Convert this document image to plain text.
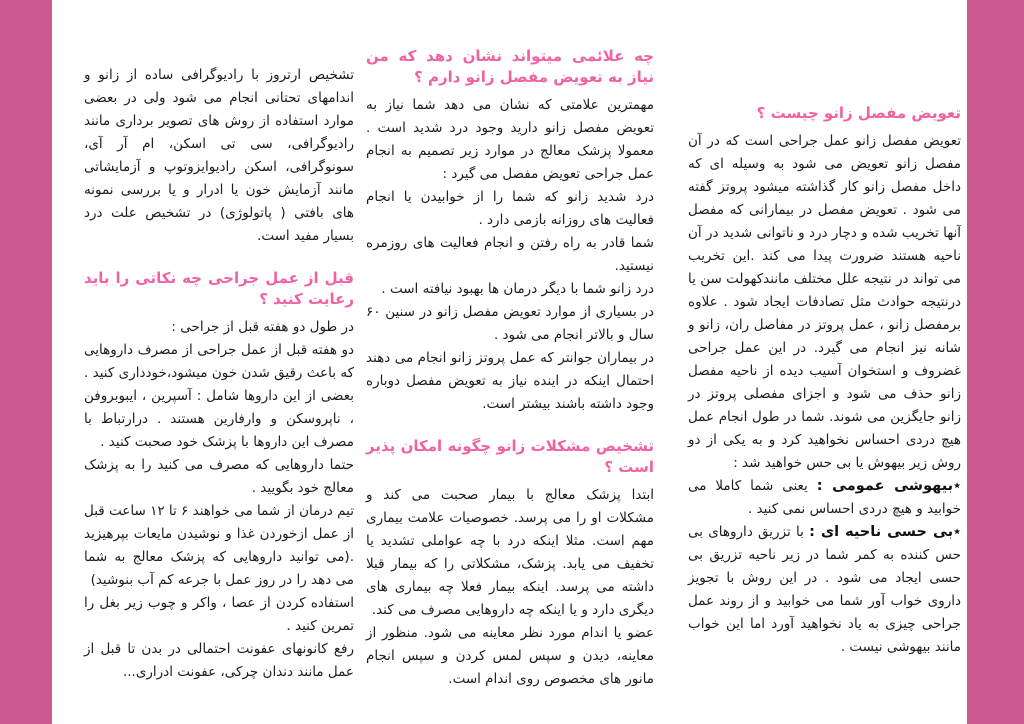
تعویض مفصل زانو چیست ؟

تعویض مفصل زانو عمل جراحی است که در آن مفصل زانو تعویض می شود به وسیله ای که داخل مفصل زانو کار گذاشته میشود پروتز گفته می شود . تعویض مفصل در بیمارانی که مفصل آنها تخریب شده و دچار درد و ناتوانی شدید در آن ناحیه هستند ضرورت پیدا می کند .این تخریب می تواند در نتیجه علل مختلف مانندکهولت سن یا درنتیجه حوادث مثل تصادفات ایجاد شود . علاوه برمفصل زانو ، عمل پروتز در مفاصل ران، زانو و شانه نیز انجام می گیرد. در این عمل جراحی غضروف و استخوان آسیب دیده از ناحیه مفصل زانو حذف می شود و اجزای مفصلی پروتز در زانو جایگزین می شوند. شما در طول انجام عمل هیچ دردی احساس نخواهید کرد و به یکی از دو روش زیر بیهوش یا بی حس خواهید شد :

٭بیهوشی عمومی : یعنی شما کاملا می خوابید و هیچ دردی احساس نمی کنید .

٭بی حسی ناحیه ای : با تزریق داروهای بی حس کننده به کمر شما در زیر ناحیه تزریق بی حسی ایجاد می شود . در این روش با تجویز داروی خواب آور شما می خوابید و از روند عمل جراحی چیزی به یاد نخواهید آورد اما این خواب مانند بیهوشی نیست .

چه علائمی میتواند نشان دهد که من نیاز به تعویض مفصل زانو دارم ؟

مهمترین علامتی که نشان می دهد شما نیاز به تعویض مفصل زانو دارید وجود درد شدید است . معمولا پزشک معالج در موارد زیر تصمیم به انجام عمل جراحی تعویض مفصل می گیرد :

درد شدید زانو که شما را از خوابیدن یا انجام فعالیت های روزانه بازمی دارد .

شما قادر به راه رفتن و انجام فعالیت های روزمره نیستید.

درد زانو شما با دیگر درمان ها بهبود نیافته است .

در بسیاری از موارد تعویض مفصل زانو در سنین ۶۰ سال و بالاتر انجام می شود .

در بیماران جوانتر که عمل پروتز زانو انجام می دهند احتمال اینکه در اینده نیاز به تعویض مفصل دوباره وجود داشته باشند بیشتر است.

تشخیص مشکلات زانو چگونه امکان پذیر است ؟

ابتدا پزشک معالج با بیمار صحبت می کند و مشکلات او را می پرسد. خصوصیات علامت بیماری مهم است. مثلا اینکه درد با چه عواملی تشدید یا تخفیف می یابد. پزشک، مشکلاتی را که بیمار قبلا داشته می پرسد. اینکه بیمار فعلا چه بیماری های دیگری دارد و یا اینکه چه داروهایی مصرف می کند.

عضو یا اندام مورد نظر معاینه می شود. منظور از معاینه، دیدن و سپس لمس کردن و سپس انجام مانور های مخصوص روی اندام است.

تشخیص ارتروز با رادیوگرافی ساده از زانو و اندامهای تحتانی انجام می شود ولی در بعضی موارد استفاده از روش های تصویر برداری مانند رادیوگرافی، سی تی اسکن، ام آر آی، سونوگرافی، اسکن رادیوایزوتوپ و آزمایشاتی مانند آزمایش خون یا ادرار و یا بررسی نمونه های بافتی ( پاتولوژی) در تشخیص علت درد بسیار مفید است.

قبل از عمل جراحی چه نکاتی را باید رعایت کنید ؟

در طول دو هفته قبل از جراحی :

دو هفته قبل از عمل جراحی از مصرف داروهایی که باعث رقیق شدن خون میشود،خودداری کنید . بعضی از این داروها شامل : آسپرین ، ایبوبروفن ، ناپروسکن و وارفارین هستند . درارتباط با مصرف این داروها با پزشک خود صحبت کنید .

حتما داروهایی که مصرف می کنید را به پزشک معالج خود بگویید .

تیم درمان از شما می خواهند ۶ تا ۱۲ ساعت قبل از عمل ازخوردن غذا و نوشیدن مایعات بپرهیزید .(می توانید داروهایی که پزشک معالج به شما می دهد را در روز عمل با جرعه کم آب بنوشید)

استفاده کردن از عصا ، واکر و چوب زیر بغل را تمرین کنید .

رفع کانونهای عفونت احتمالی در بدن تا قبل از عمل مانند دندان چرکی، عفونت ادراری...
